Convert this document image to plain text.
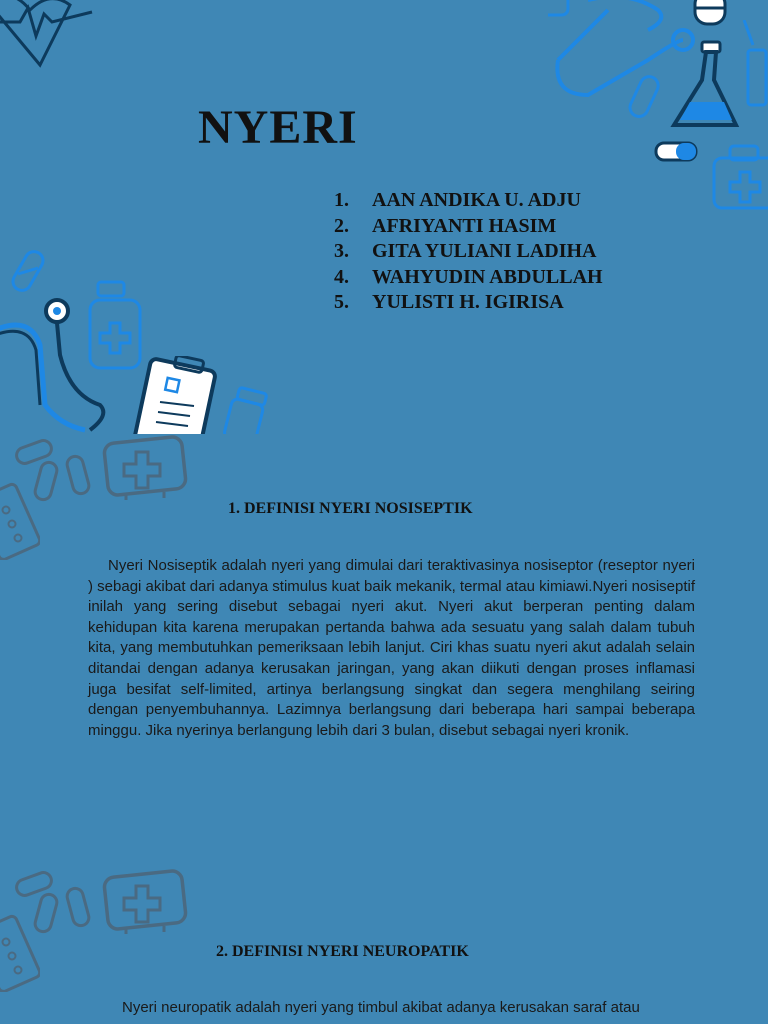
NYERI
1. AAN ANDIKA U. ADJU
2. AFRIYANTI HASIM
3. GITA YULIANI LADIHA
4. WAHYUDIN ABDULLAH
5. YULISTI H. IGIRISA
1. DEFINISI NYERI NOSISEPTIK

Nyeri Nosiseptik adalah nyeri yang dimulai dari teraktivasinya nosiseptor (reseptor nyeri ) sebagi akibat dari adanya stimulus kuat baik mekanik, termal atau kimiawi.Nyeri nosiseptif inilah yang sering disebut sebagai nyeri akut. Nyeri akut berperan penting dalam kehidupan kita karena merupakan pertanda bahwa ada sesuatu yang salah dalam tubuh kita, yang membutuhkan pemeriksaan lebih lanjut. Ciri khas suatu nyeri akut adalah selain ditandai dengan adanya kerusakan jaringan, yang akan diikuti dengan proses inflamasi juga besifat self-limited, artinya berlangsung singkat dan segera menghilang seiring dengan penyembuhannya. Lazimnya berlangsung dari beberapa hari sampai beberapa minggu. Jika nyerinya berlangung lebih dari 3 bulan, disebut sebagai nyeri kronik.

2. DEFINISI NYERI NEUROPATIK

Nyeri neuropatik adalah nyeri yang timbul akibat adanya kerusakan saraf atau
